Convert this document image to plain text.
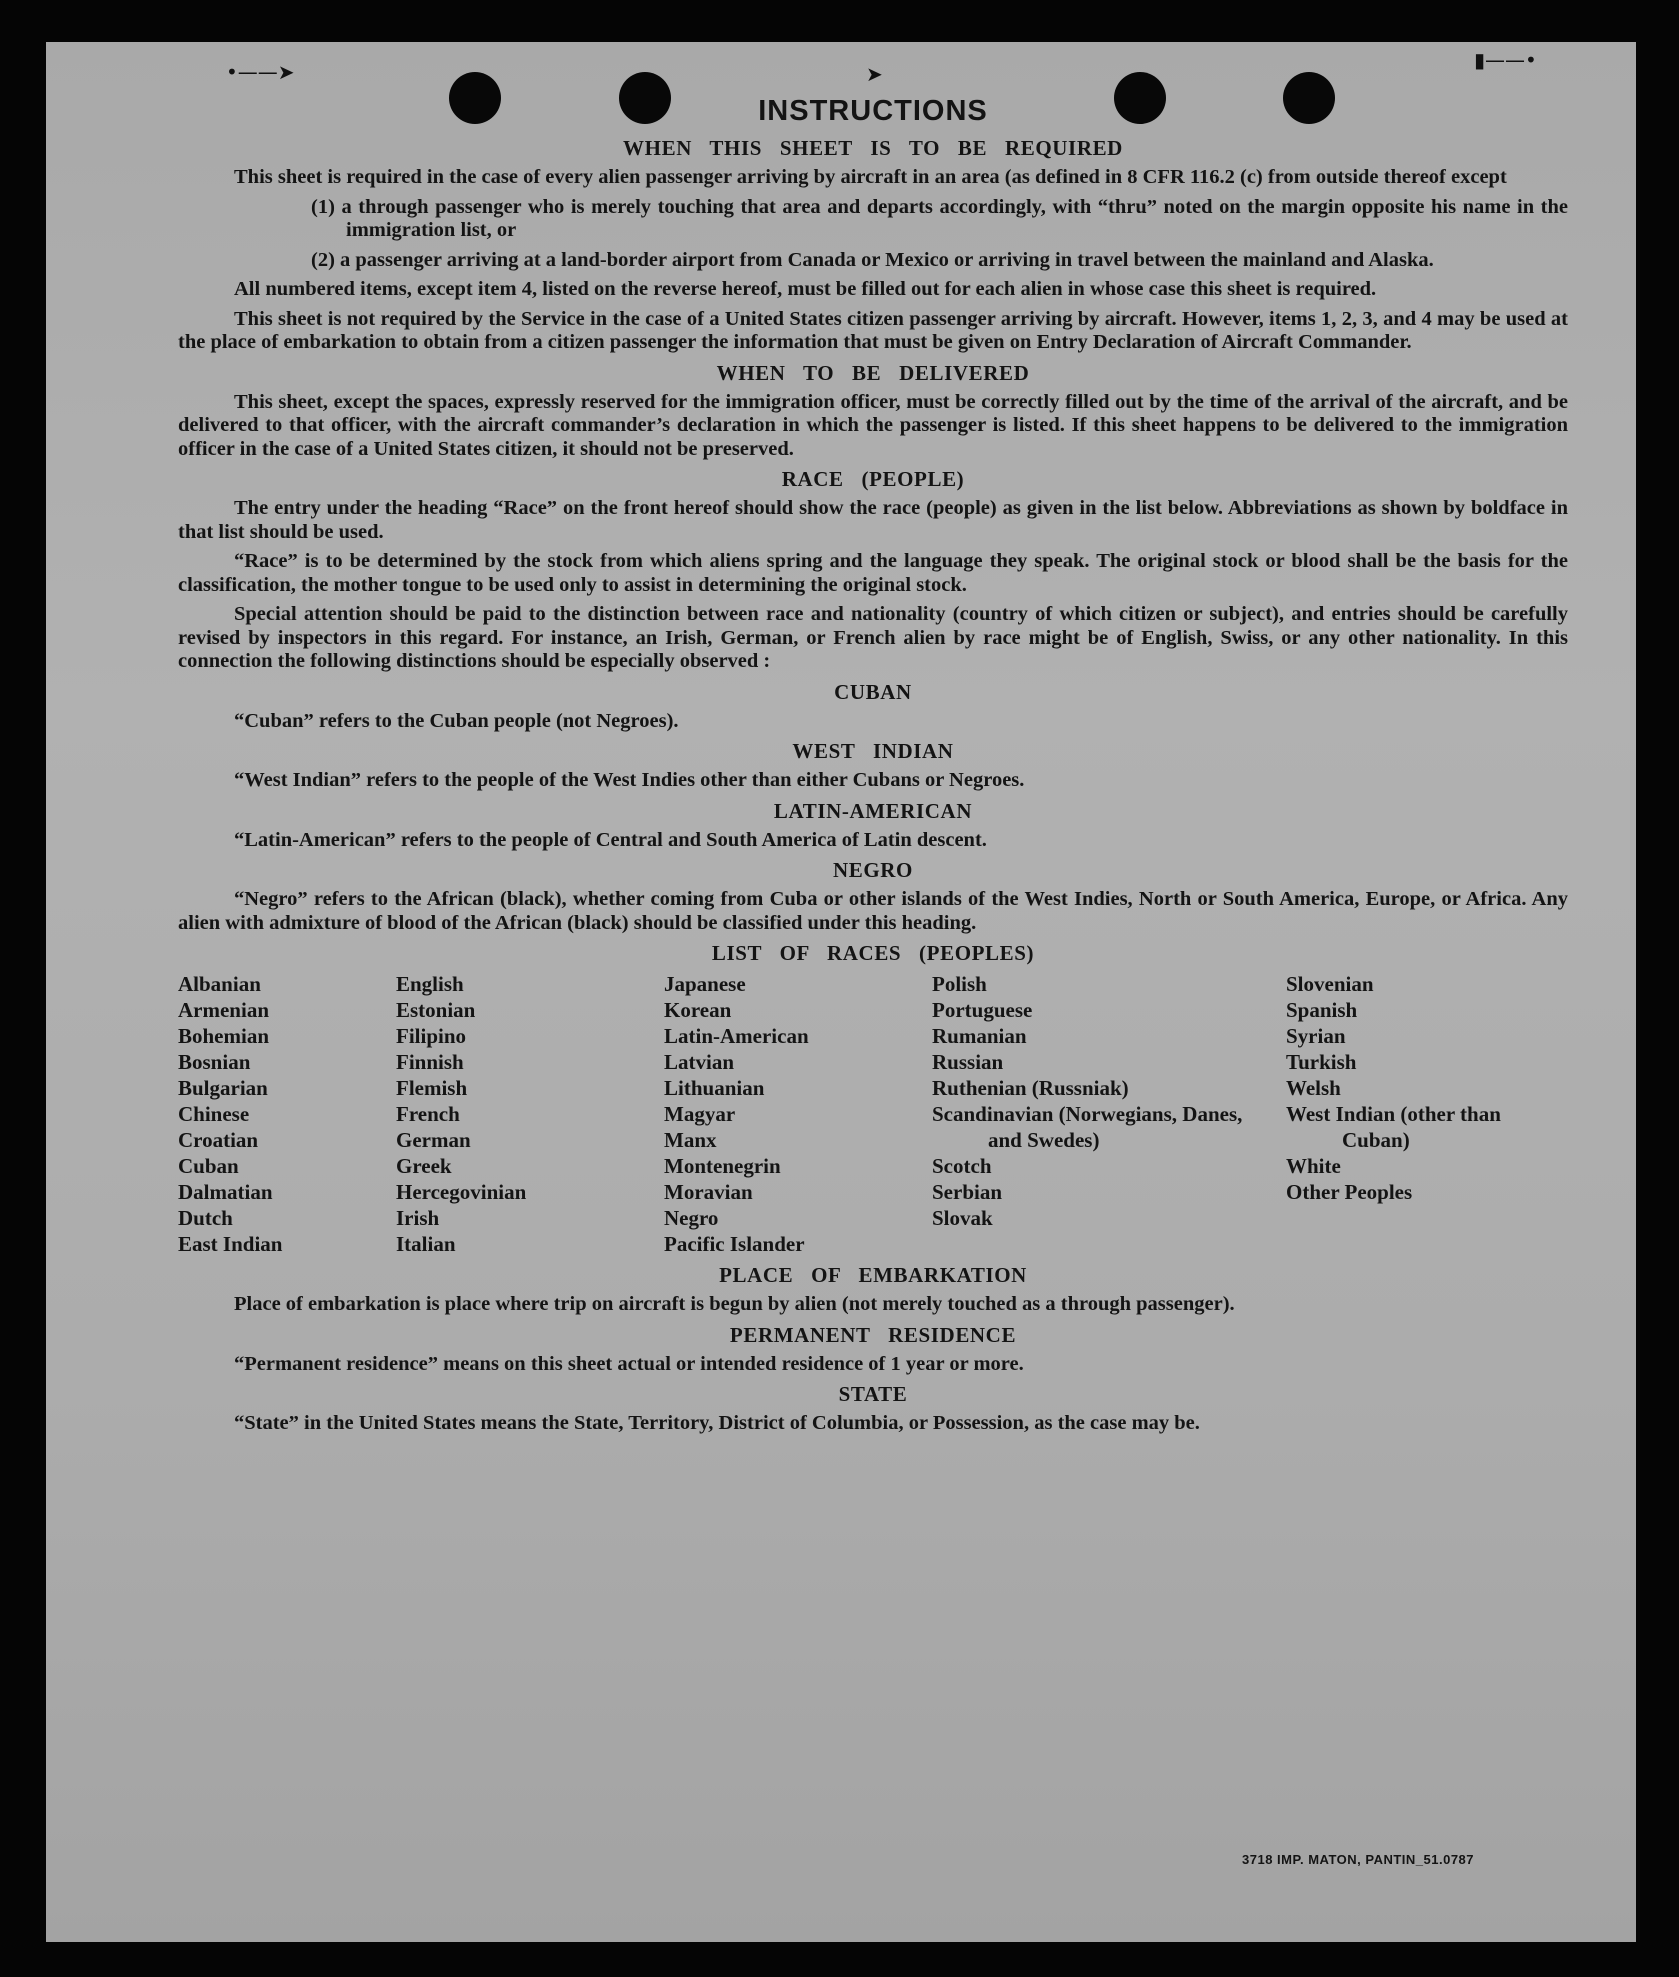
•——➤	➤
▮——•
INSTRUCTIONS
WHEN THIS SHEET IS TO BE REQUIRED

This sheet is required in the case of every alien passenger arriving by aircraft in an area (as defined in 8 CFR 116.2 (c) from outside thereof except

(1) a through passenger who is merely touching that area and departs accordingly, with “thru” noted on the margin opposite his name in the immigration list, or

(2) a passenger arriving at a land-border airport from Canada or Mexico or arriving in travel between the mainland and Alaska.

All numbered items, except item 4, listed on the reverse hereof, must be filled out for each alien in whose case this sheet is required.

This sheet is not required by the Service in the case of a United States citizen passenger arriving by aircraft. However, items 1, 2, 3, and 4 may be used at the place of embarkation to obtain from a citizen passenger the information that must be given on Entry Declaration of Aircraft Commander.

WHEN TO BE DELIVERED

This sheet, except the spaces, expressly reserved for the immigration officer, must be correctly filled out by the time of the arrival of the aircraft, and be delivered to that officer, with the aircraft commander’s declaration in which the passenger is listed. If this sheet happens to be delivered to the immigration officer in the case of a United States citizen, it should not be preserved.

RACE (PEOPLE)

The entry under the heading “Race” on the front hereof should show the race (people) as given in the list below. Abbreviations as shown by boldface in that list should be used.

“Race” is to be determined by the stock from which aliens spring and the language they speak. The original stock or blood shall be the basis for the classification, the mother tongue to be used only to assist in determining the original stock.

Special attention should be paid to the distinction between race and nationality (country of which citizen or subject), and entries should be carefully revised by inspectors in this regard. For instance, an Irish, German, or French alien by race might be of English, Swiss, or any other nationality. In this connection the following distinctions should be especially observed :

CUBAN

“Cuban” refers to the Cuban people (not Negroes).

WEST INDIAN

“West Indian” refers to the people of the West Indies other than either Cubans or Negroes.

LATIN-AMERICAN

“Latin-American” refers to the people of Central and South America of Latin descent.

NEGRO

“Negro” refers to the African (black), whether coming from Cuba or other islands of the West Indies, North or South America, Europe, or Africa. Any alien with admixture of blood of the African (black) should be classified under this heading.

LIST OF RACES (PEOPLES)
Albanian
Armenian
Bohemian
Bosnian
Bulgarian
Chinese
Croatian
Cuban
Dalmatian
Dutch
East Indian
English
Estonian
Filipino
Finnish
Flemish
French
German
Greek
Hercegovinian
Irish
Italian
Japanese
Korean
Latin-American
Latvian
Lithuanian
Magyar
Manx
Montenegrin
Moravian
Negro
Pacific Islander
Polish
Portuguese
Rumanian
Russian
Ruthenian (Russniak)
Scandinavian (Norwegians, Danes, and Swedes)
Scotch
Serbian
Slovak
Slovenian
Spanish
Syrian
Turkish
Welsh
West Indian (other than Cuban)
White
Other Peoples
PLACE OF EMBARKATION

Place of embarkation is place where trip on aircraft is begun by alien (not merely touched as a through passenger).

PERMANENT RESIDENCE

“Permanent residence” means on this sheet actual or intended residence of 1 year or more.

STATE

“State” in the United States means the State, Territory, District of Columbia, or Possession, as the case may be.

3718 IMP. MATON, PANTIN_51.0787
